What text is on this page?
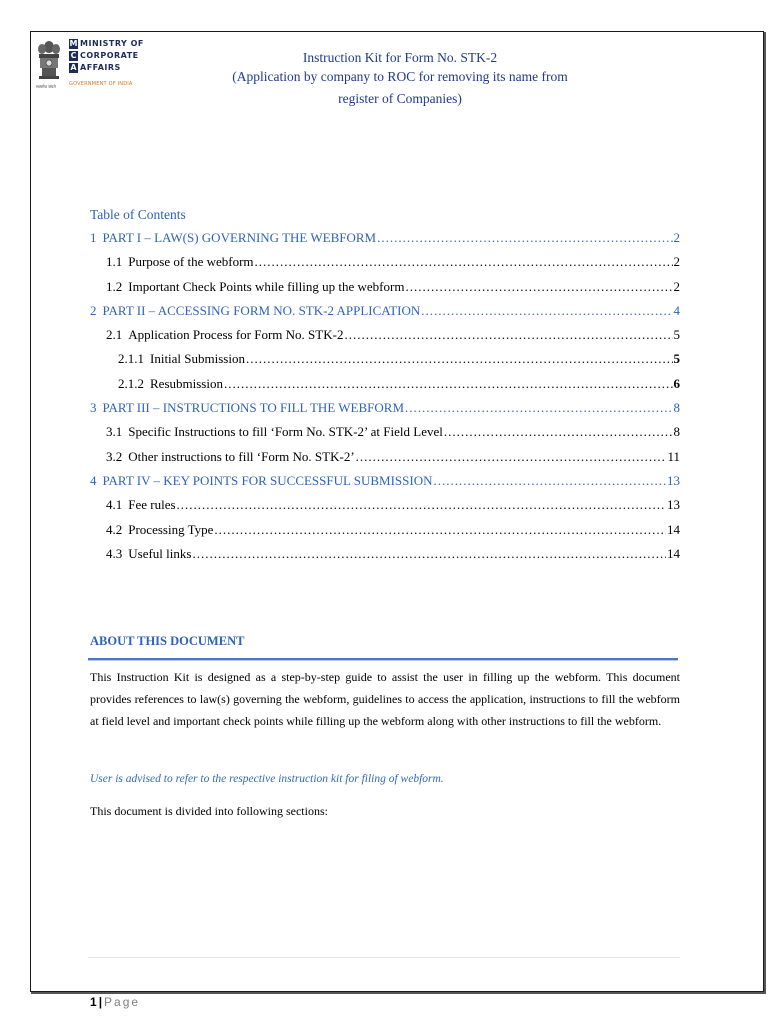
सत्यमेव जयते
M MINISTRY OF
C CORPORATE
A AFFAIRS
GOVERNMENT OF INDIA
Instruction Kit for Form No. STK-2
(Application by company to ROC for removing its name from
register of Companies)
Table of Contents
1 PART I – LAW(S) GOVERNING THE WEBFORM .....	2
1.1 Purpose of the webform .....	2
1.2 Important Check Points while filling up the webform .....	2
2 PART II – ACCESSING FORM NO. STK-2 APPLICATION .....	4
2.1 Application Process for Form No. STK-2 .....	5
2.1.1 Initial Submission .....	5
2.1.2 Resubmission .....	6
3 PART III – INSTRUCTIONS TO FILL THE WEBFORM .....	8
3.1 Specific Instructions to fill ‘Form No. STK-2’ at Field Level .....	8
3.2 Other instructions to fill ‘Form No. STK-2’ .....	11
4 PART IV – KEY POINTS FOR SUCCESSFUL SUBMISSION .....	13
4.1 Fee rules .....	13
4.2 Processing Type .....	14
4.3 Useful links .....	14
ABOUT THIS DOCUMENT
This Instruction Kit is designed as a step-by-step guide to assist the user in filling up the webform. This document provides references to law(s) governing the webform, guidelines to access the application, instructions to fill the webform at field level and important check points while filling up the webform along with other instructions to fill the webform.
User is advised to refer to the respective instruction kit for filing of webform.
This document is divided into following sections:
1 | Page
